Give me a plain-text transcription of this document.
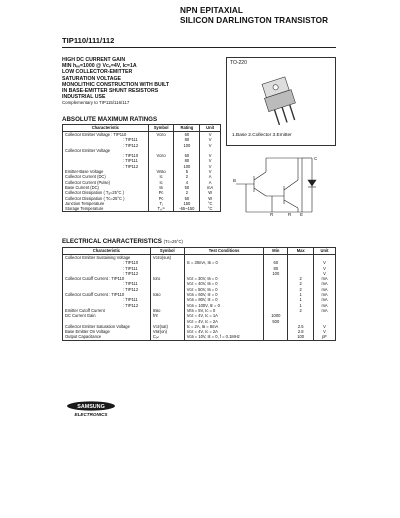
NPN EPITAXIAL
SILICON DARLINGTON TRANSISTOR
TIP110/111/112
HIGH DC CURRENT GAIN
MIN hₑₑ=1000 @ Vᴄₑ=4V, Iᴄ=1A
LOW COLLECTOR-EMITTER
SATURATION VOLTAGE
MONOLITHIC CONSTRUCTION WITH BUILT
IN BASE-EMITTER SHUNT RESISTORS
INDUSTRIAL USE
Complementary to TIP115/116/117
TO-220
1.Base 2.Collector 3.Emitter
C
B
R	R E
ABSOLUTE MAXIMUM RATINGS
Characteristic	Symbol	Rating	Unit
Collector Emitter Voltage : TIP110	Vᴄᴇᴏ	60	V
: TIP111		80	V
: TIP112		100	V
Collector Emitter Voltage			
: TIP110	Vᴄᴇᴏ	60	V
: TIP111		80	V
: TIP112		100	V
Emitter-Base Voltage	Vᴇʙᴏ	5	V
Collector Current (DC)	Iᴄ	2	A
Collector Current (Pulse)	Iᴄ	4	A
Base Current (DC)	Iʙ	50	mA
Collector Dissipation ( Tₐ=25°C )	Pᴄ	2	W
Collector Dissipation ( Tᴄ=25°C )	Pᴄ	50	W
Junction Temperature	Tⱼ	150	°C
Storage Temperature	Tₛₜᴳ	-65~150	°C
ELECTRICAL CHARACTERISTICS (Tᴄ=25°C)
Characteristic	Symbol	Test Conditions	Min	Max	Unit
Collector Emitter Sustaining Voltage	Vᴄᴇᴏ(sus)				
: TIP110		Iᴄ = 30mA, Iʙ = 0	60		V
: TIP111			80		V
: TIP112			100		V
Collector Cutoff Current : TIP110	Iᴄᴇᴏ	Vᴄᴇ = 30V, Iʙ = 0		2	mA
: TIP111		Vᴄᴇ = 40V, Iʙ = 0		2	mA
: TIP112		Vᴄᴇ = 50V, Iʙ = 0		2	mA
Collector Cutoff Current : TIP110	Iᴄʙᴏ	Vᴄʙ = 60V, Iᴇ = 0		1	mA
: TIP111		Vᴄʙ = 80V, Iᴇ = 0		1	mA
: TIP112		Vᴄʙ = 100V, Iᴇ = 0		1	mA
Emitter Cutoff Current	Iᴇʙᴏ	Vᴇʙ = 5V, Iᴄ = 0		2	mA
DC Current Gain	hᶠᴇ	Vᴄᴇ = 4V, Iᴄ = 1A	1000		
		Vᴄᴇ = 4V, Iᴄ = 2A	500		
Collector Emitter Saturation Voltage	Vᴄᴇ(sat)	Iᴄ = 2A, Iʙ = 8mA		2.5	V
Base Emitter On Voltage	Vʙᴇ(on)	Vᴄᴇ = 4V, Iᴄ = 2A		2.8	V
Output Capacitance	Cₒₙ	Vᴄʙ = 10V, Iᴇ = 0, f = 0.1MHz		100	pF
SAMSUNG
ELECTRONICS
